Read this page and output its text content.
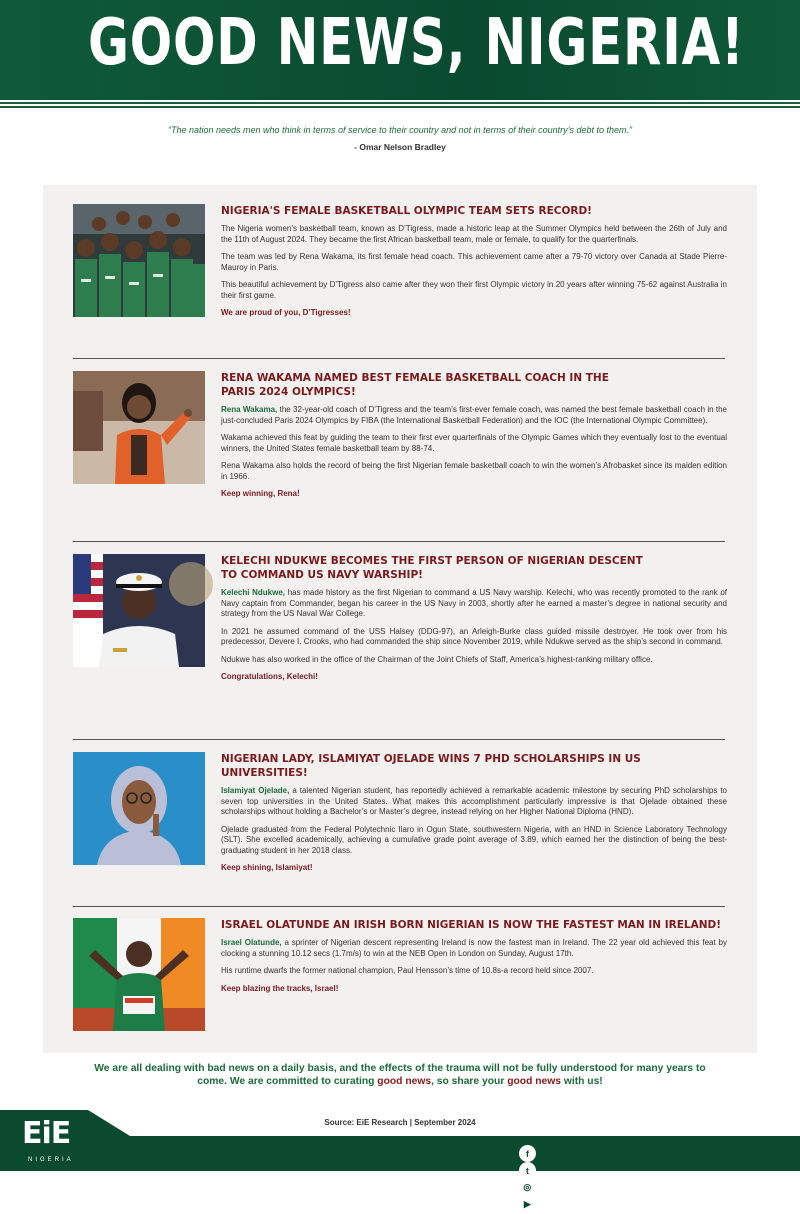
GOOD NEWS, NIGERIA!
“The nation needs men who think in terms of service to their country and not in terms of their country’s debt to them.”
- Omar Nelson Bradley
NIGERIA'S FEMALE BASKETBALL OLYMPIC TEAM SETS RECORD!

The Nigeria women’s basketball team, known as D’Tigress, made a historic leap at the Summer Olympics held between the 26th of July and the 11th of August 2024. They became the first African basketball team, male or female, to qualify for the quarterfinals.

The team was led by Rena Wakama, its first female head coach. This achievement came after a 79-70 victory over Canada at Stade Pierre-Mauroy in Paris.

This beautiful achievement by D’Tigress also came after they won their first Olympic victory in 20 years after winning 75-62 against Australia in their first game.

We are proud of you, D’Tigresses!
RENA WAKAMA NAMED BEST FEMALE BASKETBALL COACH IN THE
PARIS 2024 OLYMPICS!

Rena Wakama, the 32-year-old coach of D’Tigress and the team’s first-ever female coach, was named the best female basketball coach in the just-concluded Paris 2024 Olympics by FIBA (the International Basketball Federation) and the IOC (the International Olympic Committee).

Wakama achieved this feat by guiding the team to their first ever quarterfinals of the Olympic Games which they eventually lost to the eventual winners, the United States female basketball team by 88-74.

Rena Wakama also holds the record of being the first Nigerian female basketball coach to win the women’s Afrobasket since its maiden edition in 1966.

Keep winning, Rena!
KELECHI NDUKWE BECOMES THE FIRST PERSON OF NIGERIAN DESCENT
TO COMMAND US NAVY WARSHIP!

Kelechi Ndukwe, has made history as the first Nigerian to command a US Navy warship. Kelechi, who was recently promoted to the rank of Navy captain from Commander, began his career in the US Navy in 2003, shortly after he earned a master’s degree in national security and strategy from the US Naval War College.

In 2021 he assumed command of the USS Halsey (DDG-97), an Arleigh-Burke class guided missile destroyer. He took over from his predecessor, Devere I. Crooks, who had commanded the ship since November 2019, while Ndukwe served as the ship’s second in command.

Ndukwe has also worked in the office of the Chairman of the Joint Chiefs of Staff, America’s highest-ranking military office.

Congratulations, Kelechi!
NIGERIAN LADY, ISLAMIYAT OJELADE WINS 7 PHD SCHOLARSHIPS IN US UNIVERSITIES!

Islamiyat Ojelade, a talented Nigerian student, has reportedly achieved a remarkable academic milestone by securing PhD scholarships to seven top universities in the United States. What makes this accomplishment particularly impressive is that Ojelade obtained these scholarships without holding a Bachelor’s or Master’s degree, instead relying on her Higher National Diploma (HND).

Ojelade graduated from the Federal Polytechnic Ilaro in Ogun State, southwestern Nigeria, with an HND in Science Laboratory Technology (SLT). She excelled academically, achieving a cumulative grade point average of 3.89, which earned her the distinction of being the best-graduating student in her 2018 class.

Keep shining, Islamiyat!
ISRAEL OLATUNDE AN IRISH BORN NIGERIAN IS NOW THE FASTEST MAN IN IRELAND!

Israel Olatunde, a sprinter of Nigerian descent representing Ireland is now the fastest man in Ireland. The 22 year old achieved this feat by clocking a stunning 10.12 secs (1.7m/s) to win at the NEB Open in London on Sunday, August 17th.

His runtime dwarfs the former national champion, Paul Hensson’s time of 10.8s-a record held since 2007.

Keep blazing the tracks, Israel!
We are all dealing with bad news on a daily basis, and the effects of the trauma will not be fully understood for many years to come. We are committed to curating good news, so share your good news with us!
Source: EiE Research | September 2024
EiE
NIGERIA
www.eienigeria.org | info@eienigeria.org | 07087784788 |
f
t
◎
▶
EIENIGERIA
